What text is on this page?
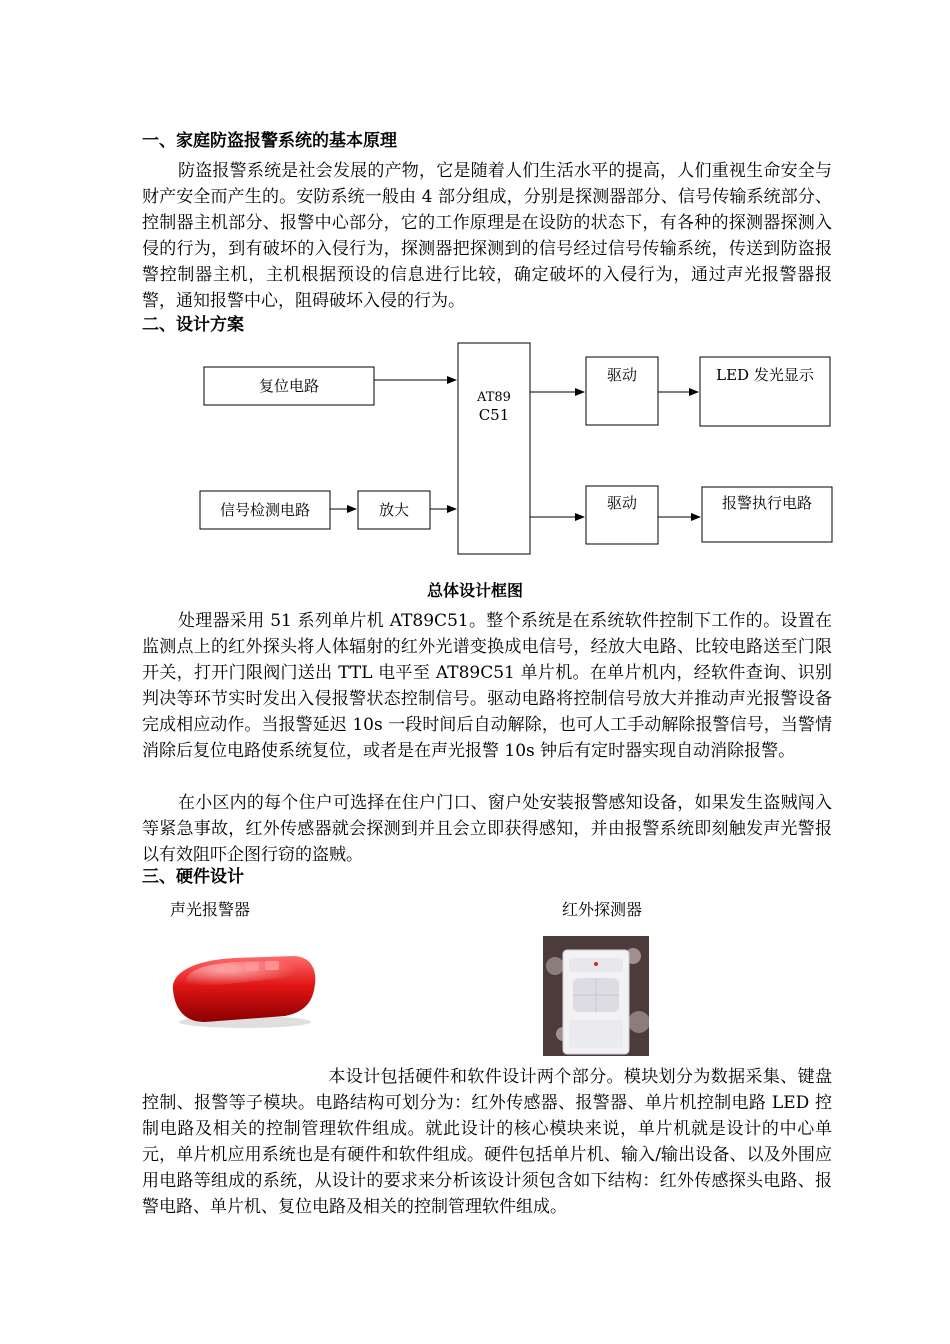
一、家庭防盗报警系统的基本原理

防盗报警系统是社会发展的产物，它是随着人们生活水平的提高，人们重视生命安全与财产安全而产生的。安防系统一般由 4 部分组成，分别是探测器部分、信号传输系统部分、控制器主机部分、报警中心部分，它的工作原理是在设防的状态下，有各种的探测器探测入侵的行为，到有破坏的入侵行为，探测器把探测到的信号经过信号传输系统，传送到防盗报警控制器主机，主机根据预设的信息进行比较，确定破坏的入侵行为，通过声光报警器报警，通知报警中心，阻碍破坏入侵的行为。

二、设计方案
复位电路
信号检测电路	放大
AT89
C51
驱动
驱动
LED 发光显示
报警执行电路
总体设计框图

处理器采用 51 系列单片机 AT89C51。整个系统是在系统软件控制下工作的。设置在监测点上的红外探头将人体辐射的红外光谱变换成电信号，经放大电路、比较电路送至门限开关，打开门限阀门送出 TTL 电平至 AT89C51 单片机。在单片机内，经软件查询、识别判决等环节实时发出入侵报警状态控制信号。驱动电路将控制信号放大并推动声光报警设备完成相应动作。当报警延迟 10s 一段时间后自动解除，也可人工手动解除报警信号，当警情消除后复位电路使系统复位，或者是在声光报警 10s 钟后有定时器实现自动消除报警。

在小区内的每个住户可选择在住户门口、窗户处安装报警感知设备，如果发生盗贼闯入等紧急事故，红外传感器就会探测到并且会立即获得感知，并由报警系统即刻触发声光警报以有效阻吓企图行窃的盗贼。

三、硬件设计
声光报警器	红外探测器

本设计包括硬件和软件设计两个部分。模块划分为数据采集、键盘控制、报警等子模块。电路结构可划分为：红外传感器、报警器、单片机控制电路 LED 控制电路及相关的控制管理软件组成。就此设计的核心模块来说，单片机就是设计的中心单元，单片机应用系统也是有硬件和软件组成。硬件包括单片机、输入/输出设备、以及外围应用电路等组成的系统，从设计的要求来分析该设计须包含如下结构：红外传感探头电路、报警电路、单片机、复位电路及相关的控制管理软件组成。
